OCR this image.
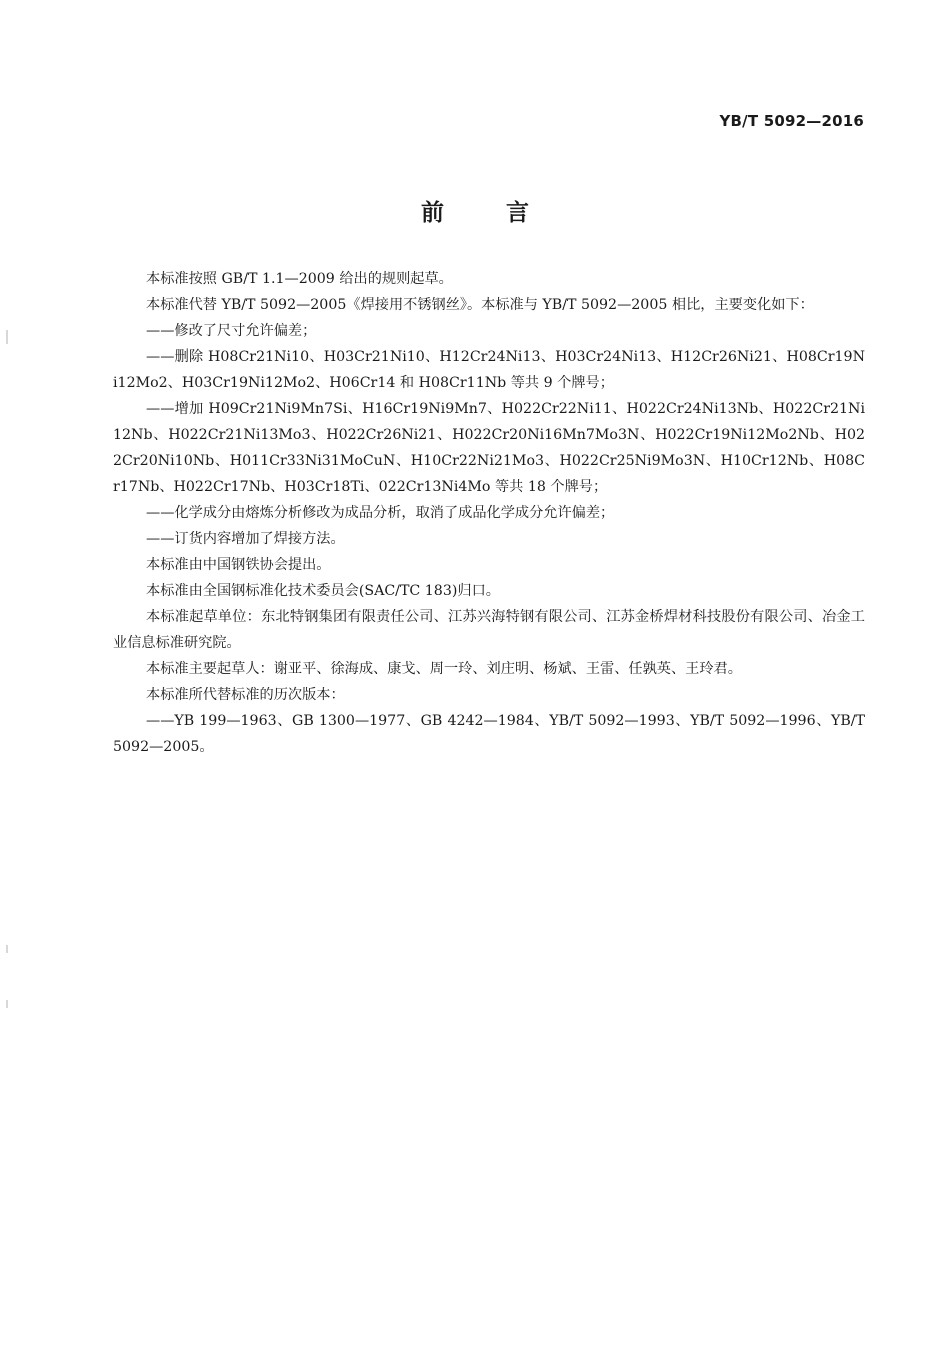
YB/T 5092—2016
前言

本标准按照 GB/T 1.1—2009 给出的规则起草。

本标准代替 YB/T 5092—2005《焊接用不锈钢丝》。本标准与 YB/T 5092—2005 相比，主要变化如下：

——修改了尺寸允许偏差；

——删除 H08Cr21Ni10、H03Cr21Ni10、H12Cr24Ni13、H03Cr24Ni13、H12Cr26Ni21、H08Cr19Ni12Mo2、H03Cr19Ni12Mo2、H06Cr14 和 H08Cr11Nb 等共 9 个牌号；

——增加 H09Cr21Ni9Mn7Si、H16Cr19Ni9Mn7、H022Cr22Ni11、H022Cr24Ni13Nb、H022Cr21Ni12Nb、H022Cr21Ni13Mo3、H022Cr26Ni21、H022Cr20Ni16Mn7Mo3N、H022Cr19Ni12Mo2Nb、H022Cr20Ni10Nb、H011Cr33Ni31MoCuN、H10Cr22Ni21Mo3、H022Cr25Ni9Mo3N、H10Cr12Nb、H08Cr17Nb、H022Cr17Nb、H03Cr18Ti、022Cr13Ni4Mo 等共 18 个牌号；

——化学成分由熔炼分析修改为成品分析，取消了成品化学成分允许偏差；

——订货内容增加了焊接方法。

本标准由中国钢铁协会提出。

本标准由全国钢标准化技术委员会(SAC/TC 183)归口。

本标准起草单位：东北特钢集团有限责任公司、江苏兴海特钢有限公司、江苏金桥焊材科技股份有限公司、冶金工业信息标准研究院。

本标准主要起草人：谢亚平、徐海成、康戈、周一玲、刘庄明、杨斌、王雷、任孰英、王玲君。

本标准所代替标准的历次版本：

——YB 199—1963、GB 1300—1977、GB 4242—1984、YB/T 5092—1993、YB/T 5092—1996、YB/T 5092—2005。
